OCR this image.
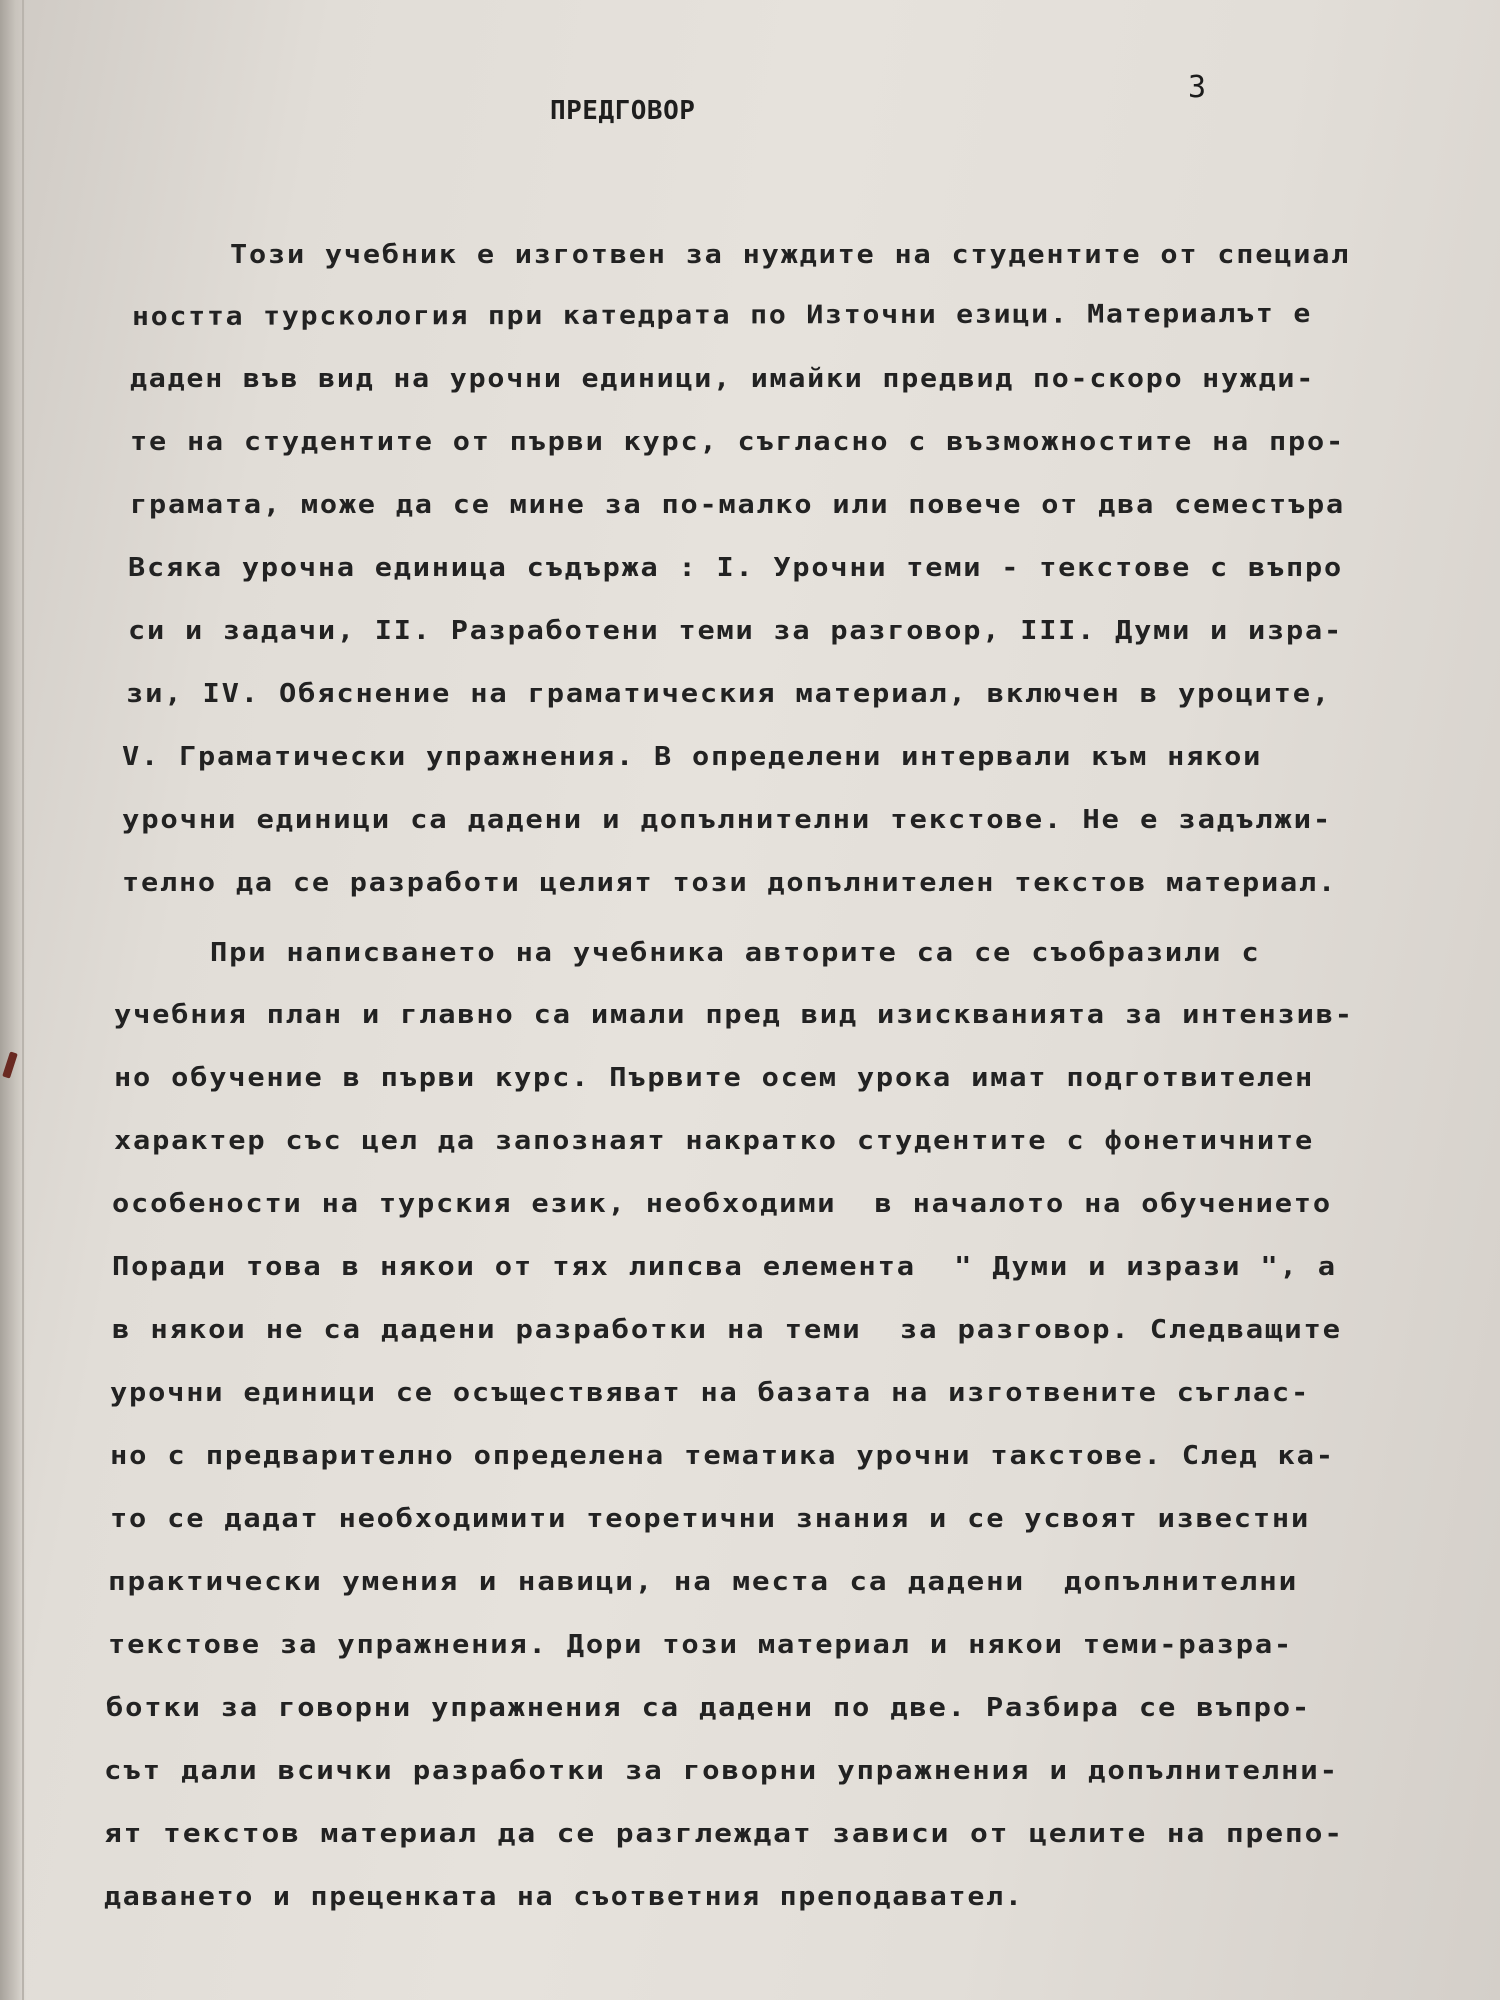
3
ПРЕДГОВОР
Този учебник е изготвен за нуждите на студентите от специал
ността турскология при катедрата по Източни езици. Материалът е
даден във вид на урочни единици, имайки предвид по-скоро нужди-
те на студентите от първи курс, съгласно с възможностите на про-
грамата, може да се мине за по-малко или повече от два семестъра
Всяка урочна единица съдържа : I. Урочни теми - текстове с въпро
си и задачи, II. Разработени теми за разговор, III. Думи и изра-
зи, IV. Обяснение на граматическия материал, включен в уроците,
V. Граматически упражнения. В определени интервали към някои
урочни единици са дадени и допълнителни текстове. Не е задължи-
телно да се разработи целият този допълнителен текстов материал.
При написването на учебника авторите са се съобразили с
учебния план и главно са имали пред вид изискванията за интензив-
но обучение в първи курс. Първите осем урока имат подготвителен
характер със цел да запознаят накратко студентите с фонетичните
особености на турския език, необходими  в началото на обучението
Поради това в някои от тях липсва елемента  " Думи и изрази ", а
в някои не са дадени разработки на теми  за разговор. Следващите
урочни единици се осъществяват на базата на изготвените съглас-
но с предварително определена тематика урочни такстове. След ка-
то се дадат необходимити теоретични знания и се усвоят известни
практически умения и навици, на места са дадени  допълнителни
текстове за упражнения. Дори този материал и някои теми-разра-
ботки за говорни упражнения са дадени по две. Разбира се въпро-
сът дали всички разработки за говорни упражнения и допълнителни-
ят текстов материал да се разглеждат зависи от целите на препо-
даването и преценката на съответния преподавател.
